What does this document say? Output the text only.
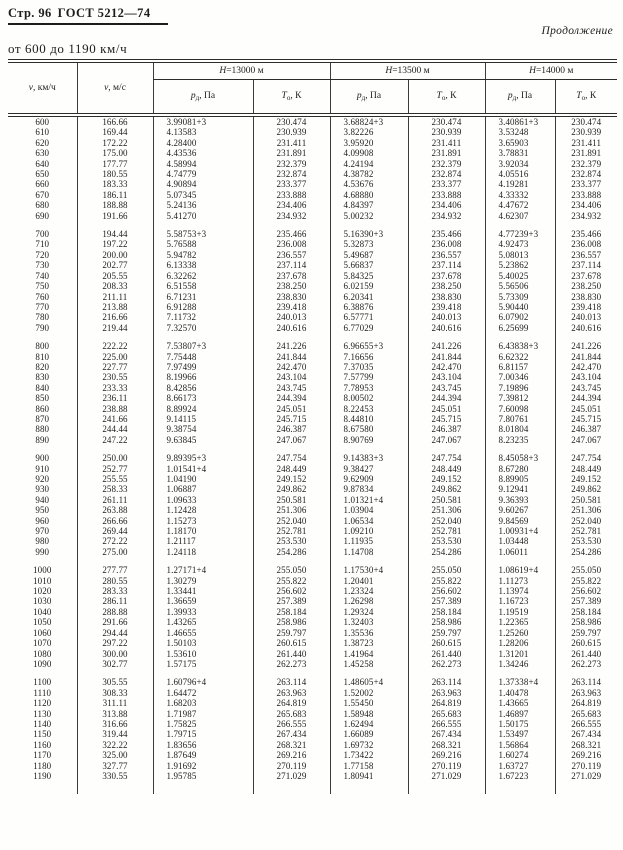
Стр. 96 ГОСТ 5212—74
Продолжение
от 600 до 1190 км/ч
v, км/ч	v, м/с	Н=13000 м		Н=13500 м		Н=14000 м	
		$р_д$, Па	$Т_о$, К	$р_д$, Па	$Т_о$, К	$р_д$, Па	$Т_о$, К
600	166.66	3.99081+3	230.474	3.68824+3	230.474	3.40861+3	230.474
610	169.44	4.13583	230.939	3.82226	230.939	3.53248	230.939
620	172.22	4.28400	231.411	3.95920	231.411	3.65903	231.411
630	175.00	4.43536	231.891	4.09908	231.891	3.78831	231.891
640	177.77	4.58994	232.379	4.24194	232.379	3.92034	232.379
650	180.55	4.74779	232.874	4.38782	232.874	4.05516	232.874
660	183.33	4.90894	233.377	4.53676	233.377	4.19281	233.377
670	186.11	5.07345	233.888	4.68880	233.888	4.33332	233.888
680	188.88	5.24136	234.406	4.84397	234.406	4.47672	234.406
690	191.66	5.41270	234.932	5.00232	234.932	4.62307	234.932

700	194.44	5.58753+3	235.466	5.16390+3	235.466	4.77239+3	235.466
710	197.22	5.76588	236.008	5.32873	236.008	4.92473	236.008
720	200.00	5.94782	236.557	5.49687	236.557	5.08013	236.557
730	202.77	6.13338	237.114	5.66837	237.114	5.23862	237.114
740	205.55	6.32262	237.678	5.84325	237.678	5.40025	237.678
750	208.33	6.51558	238.250	6.02159	238.250	5.56506	238.250
760	211.11	6.71231	238.830	6.20341	238.830	5.73309	238.830
770	213.88	6.91288	239.418	6.38876	239.418	5.90440	239.418
780	216.66	7.11732	240.013	6.57771	240.013	6.07902	240.013
790	219.44	7.32570	240.616	6.77029	240.616	6.25699	240.616

800	222.22	7.53807+3	241.226	6.96655+3	241.226	6.43838+3	241.226
810	225.00	7.75448	241.844	7.16656	241.844	6.62322	241.844
820	227.77	7.97499	242.470	7.37035	242.470	6.81157	242.470
830	230.55	8.19966	243.104	7.57799	243.104	7.00346	243.104
840	233.33	8.42856	243.745	7.78953	243.745	7.19896	243.745
850	236.11	8.66173	244.394	8.00502	244.394	7.39812	244.394
860	238.88	8.89924	245.051	8.22453	245.051	7.60098	245.051
870	241.66	9.14115	245.715	8.44810	245.715	7.80761	245.715
880	244.44	9.38754	246.387	8.67580	246.387	8.01804	246.387
890	247.22	9.63845	247.067	8.90769	247.067	8.23235	247.067

900	250.00	9.89395+3	247.754	9.14383+3	247.754	8.45058+3	247.754
910	252.77	1.01541+4	248.449	9.38427	248.449	8.67280	248.449
920	255.55	1.04190	249.152	9.62909	249.152	8.89905	249.152
930	258.33	1.06887	249.862	9.87834	249.862	9.12941	249.862
940	261.11	1.09633	250.581	1.01321+4	250.581	9.36393	250.581
950	263.88	1.12428	251.306	1.03904	251.306	9.60267	251.306
960	266.66	1.15273	252.040	1.06534	252.040	9.84569	252.040
970	269.44	1.18170	252.781	1.09210	252.781	1.00931+4	252.781
980	272.22	1.21117	253.530	1.11935	253.530	1.03448	253.530
990	275.00	1.24118	254.286	1.14708	254.286	1.06011	254.286

1000	277.77	1.27171+4	255.050	1.17530+4	255.050	1.08619+4	255.050
1010	280.55	1.30279	255.822	1.20401	255.822	1.11273	255.822
1020	283.33	1.33441	256.602	1.23324	256.602	1.13974	256.602
1030	286.11	1.36659	257.389	1.26298	257.389	1.16723	257.389
1040	288.88	1.39933	258.184	1.29324	258.184	1.19519	258.184
1050	291.66	1.43265	258.986	1.32403	258.986	1.22365	258.986
1060	294.44	1.46655	259.797	1.35536	259.797	1.25260	259.797
1070	297.22	1.50103	260.615	1.38723	260.615	1.28206	260.615
1080	300.00	1.53610	261.440	1.41964	261.440	1.31201	261.440
1090	302.77	1.57175	262.273	1.45258	262.273	1.34246	262.273

1100	305.55	1.60796+4	263.114	1.48605+4	263.114	1.37338+4	263.114
1110	308.33	1.64472	263.963	1.52002	263.963	1.40478	263.963
1120	311.11	1.68203	264.819	1.55450	264.819	1.43665	264.819
1130	313.88	1.71987	265.683	1.58948	265.683	1.46897	265.683
1140	316.66	1.75825	266.555	1.62494	266.555	1.50175	266.555
1150	319.44	1.79715	267.434	1.66089	267.434	1.53497	267.434
1160	322.22	1.83656	268.321	1.69732	268.321	1.56864	268.321
1170	325.00	1.87649	269.216	1.73422	269.216	1.60274	269.216
1180	327.77	1.91692	270.119	1.77158	270.119	1.63727	270.119
1190	330.55	1.95785	271.029	1.80941	271.029	1.67223	271.029
